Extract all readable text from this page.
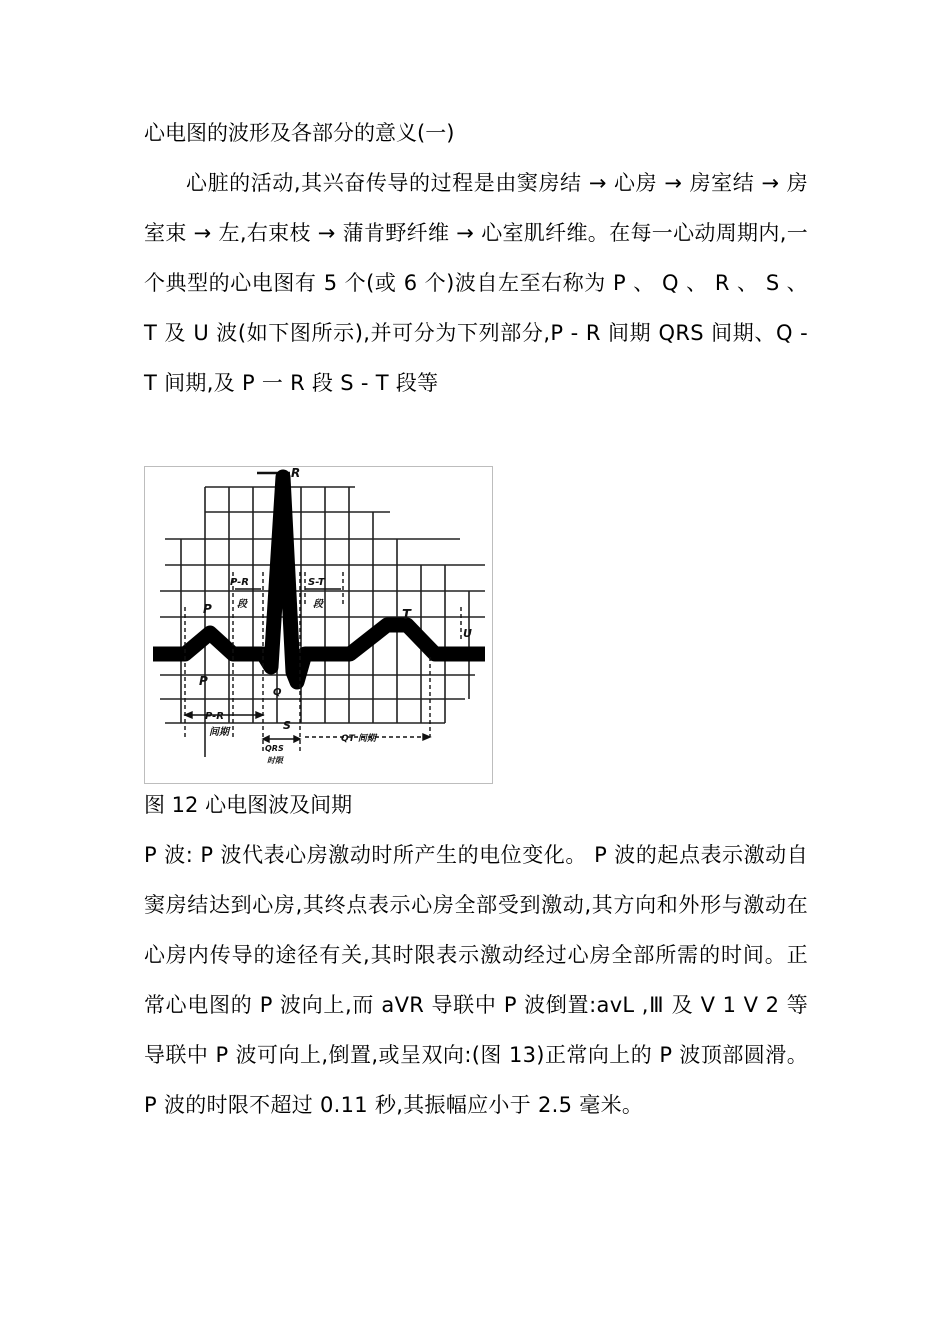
心电图的波形及各部分的意义(一)
心脏的活动,其兴奋传导的过程是由窦房结 → 心房 → 房室结 → 房室束 → 左,右束枝 → 蒲肯野纤维 → 心室肌纤维。在每一心动周期内,一个典型的心电图有 5 个(或 6 个)波自左至右称为 P 、 Q 、 R 、 S 、 T 及 U 波(如下图所示),并可分为下列部分,P - R 间期 QRS 间期、Q - T 间期,及 P 一 R 段 S - T 段等
R
P
P
P-R
段
S-T
段
T
U
Q
S
P-R
间期
QRS
时限
QT 间期
图 12 心电图波及间期
P 波: P 波代表心房激动时所产生的电位变化。 P 波的起点表示激动自窦房结达到心房,其终点表示心房全部受到激动,其方向和外形与激动在心房内传导的途径有关,其时限表示激动经过心房全部所需的时间。正常心电图的 P 波向上,而 aVR 导联中 P 波倒置:avL ,Ⅲ 及 V 1 V 2 等导联中 P 波可向上,倒置,或呈双向:(图 13)正常向上的 P 波顶部圆滑。 P 波的时限不超过 0.11 秒,其振幅应小于 2.5 毫米。
